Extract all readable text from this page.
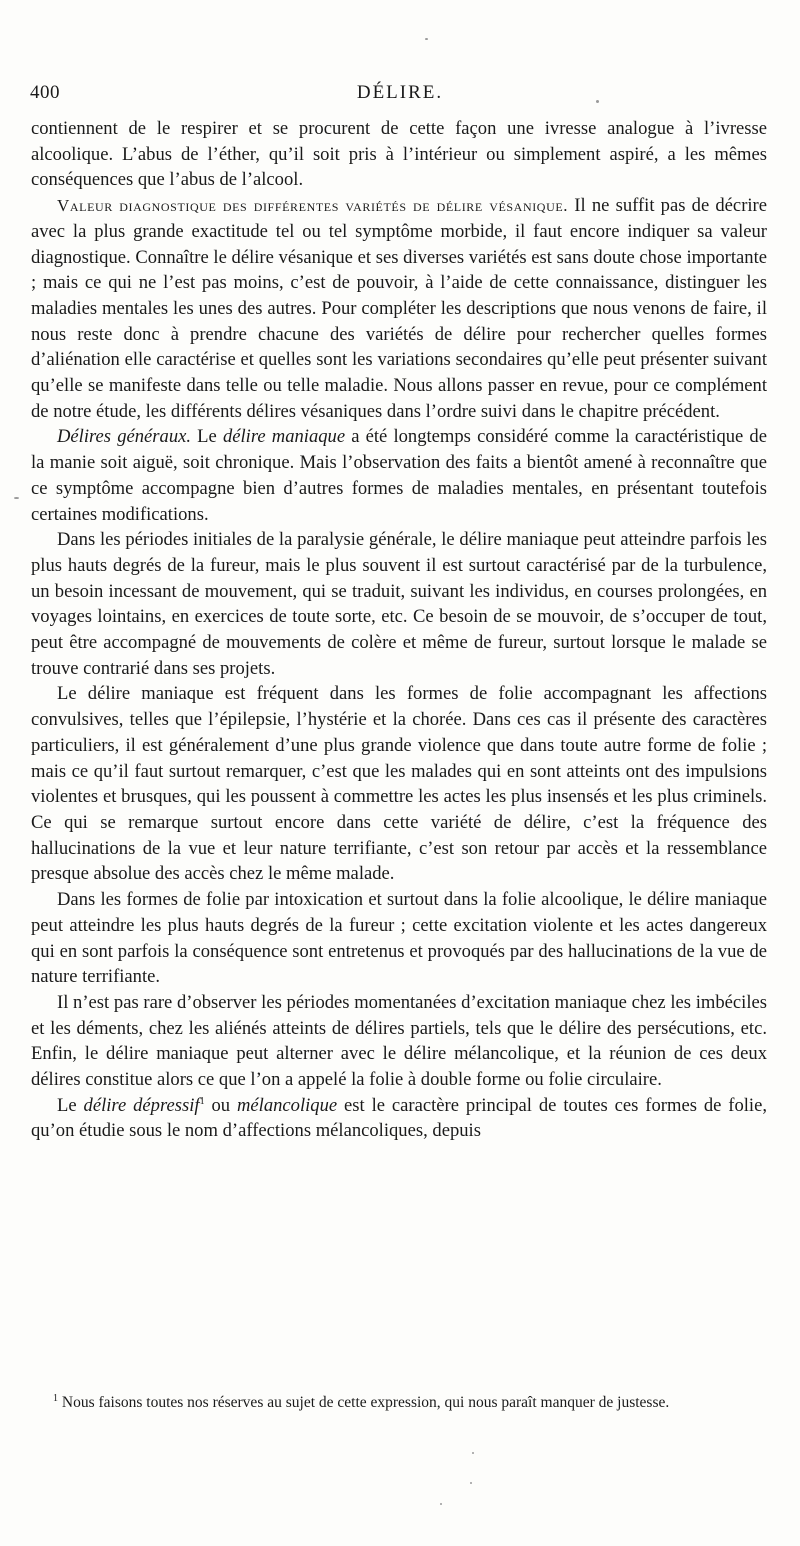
400	DÉLIRE.

contiennent de le respirer et se procurent de cette façon une ivresse analogue à l’ivresse alcoolique. L’abus de l’éther, qu’il soit pris à l’intérieur ou simplement aspiré, a les mêmes conséquences que l’abus de l’alcool.

Valeur diagnostique des différentes variétés de délire vésanique. Il ne suffit pas de décrire avec la plus grande exactitude tel ou tel symptôme morbide, il faut encore indiquer sa valeur diagnostique. Connaître le délire vésanique et ses diverses variétés est sans doute chose importante ; mais ce qui ne l’est pas moins, c’est de pouvoir, à l’aide de cette connaissance, distinguer les maladies mentales les unes des autres. Pour compléter les descriptions que nous venons de faire, il nous reste donc à prendre chacune des variétés de délire pour rechercher quelles formes d’aliénation elle caractérise et quelles sont les variations secondaires qu’elle peut présenter suivant qu’elle se manifeste dans telle ou telle maladie. Nous allons passer en revue, pour ce complément de notre étude, les différents délires vésaniques dans l’ordre suivi dans le chapitre précédent.

Délires généraux. Le délire maniaque a été longtemps considéré comme la caractéristique de la manie soit aiguë, soit chronique. Mais l’observation des faits a bientôt amené à reconnaître que ce symptôme accompagne bien d’autres formes de maladies mentales, en présentant toutefois certaines modifications.

Dans les périodes initiales de la paralysie générale, le délire maniaque peut atteindre parfois les plus hauts degrés de la fureur, mais le plus souvent il est surtout caractérisé par de la turbulence, un besoin incessant de mouvement, qui se traduit, suivant les individus, en courses prolongées, en voyages lointains, en exercices de toute sorte, etc. Ce besoin de se mouvoir, de s’occuper de tout, peut être accompagné de mouvements de colère et même de fureur, surtout lorsque le malade se trouve contrarié dans ses projets.

Le délire maniaque est fréquent dans les formes de folie accompagnant les affections convulsives, telles que l’épilepsie, l’hystérie et la chorée. Dans ces cas il présente des caractères particuliers, il est généralement d’une plus grande violence que dans toute autre forme de folie ; mais ce qu’il faut surtout remarquer, c’est que les malades qui en sont atteints ont des impulsions violentes et brusques, qui les poussent à commettre les actes les plus insensés et les plus criminels. Ce qui se remarque surtout encore dans cette variété de délire, c’est la fréquence des hallucinations de la vue et leur nature terrifiante, c’est son retour par accès et la ressemblance presque absolue des accès chez le même malade.

Dans les formes de folie par intoxication et surtout dans la folie alcoolique, le délire maniaque peut atteindre les plus hauts degrés de la fureur ; cette excitation violente et les actes dangereux qui en sont parfois la conséquence sont entretenus et provoqués par des hallucinations de la vue de nature terrifiante.

Il n’est pas rare d’observer les périodes momentanées d’excitation maniaque chez les imbéciles et les déments, chez les aliénés atteints de délires partiels, tels que le délire des persécutions, etc. Enfin, le délire maniaque peut alterner avec le délire mélancolique, et la réunion de ces deux délires constitue alors ce que l’on a appelé la folie à double forme ou folie circulaire.

Le délire dépressif$^1$ ou mélancolique est le caractère principal de toutes ces formes de folie, qu’on étudie sous le nom d’affections mélancoliques, depuis

$^1$ Nous faisons toutes nos réserves au sujet de cette expression, qui nous paraît manquer de justesse.
